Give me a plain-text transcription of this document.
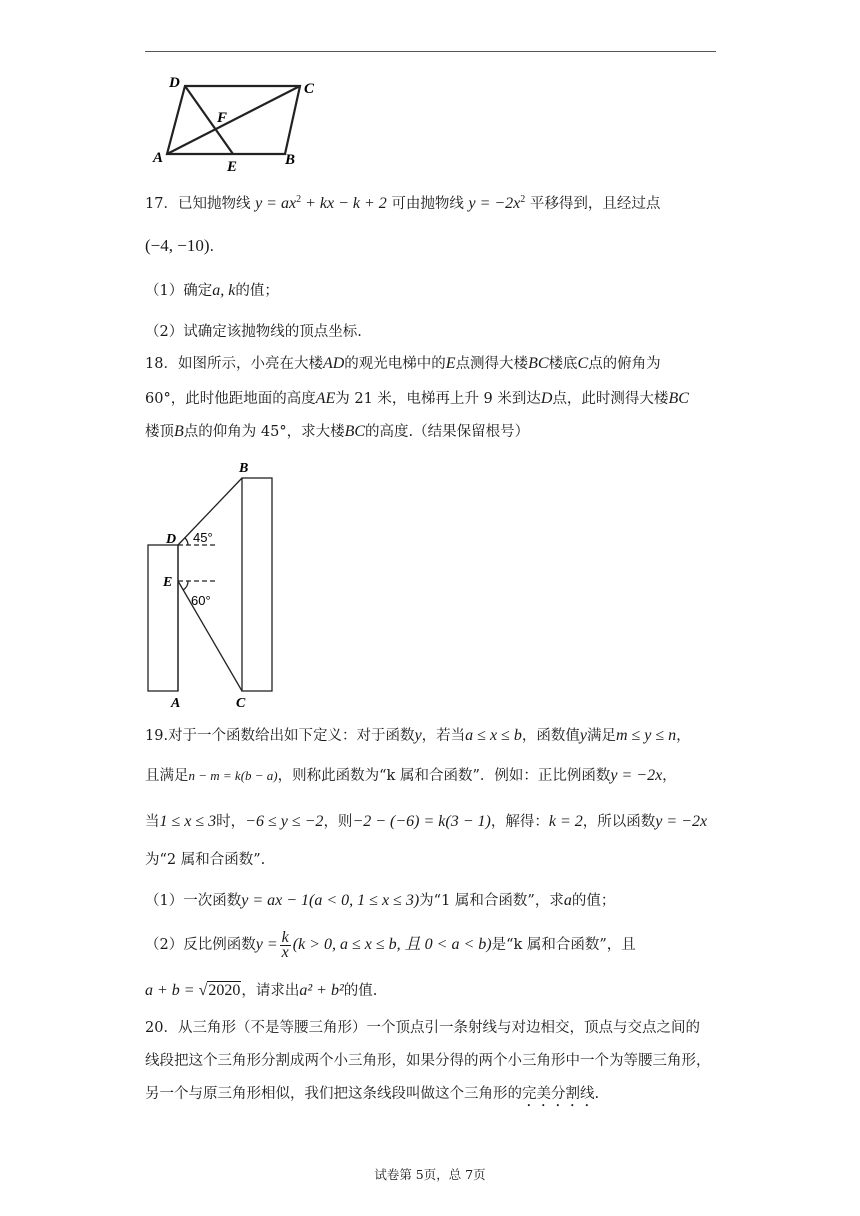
D	C
F
A
E	B
17．已知抛物线 $y = ax^2$ + kx − k + 2 可由抛物线 $y = -2x^2$ 平移得到，且经过点
(−4, −10).
（1）确定a, k的值；
（2）试确定该抛物线的顶点坐标.
18．如图所示，小亮在大楼AD的观光电梯中的E点测得大楼BC楼底C点的俯角为
60°，此时他距地面的高度AE为 21 米，电梯再上升 9 米到达D点，此时测得大楼BC
楼顶B点的仰角为 45°，求大楼BC的高度.（结果保留根号）
B
D 45°
E
60°
A	C
19.对于一个函数给出如下定义：对于函数y，若当a ≤ x ≤ b，函数值y满足m ≤ y ≤ n，
且满足n − m = k(b − a)，则称此函数为“k 属和合函数”．例如：正比例函数y = −2x，
当1 ≤ x ≤ 3时，−6 ≤ y ≤ −2，则−2 − (−6) = k(3 − 1)，解得：k = 2，所以函数y = −2x
为“2 属和合函数”.
（1）一次函数y = ax − 1(a < 0, 1 ≤ x ≤ 3)为“1 属和合函数”，求a的值；
（2）反比例函数$y = \frac{k}{x} (k > 0$, a ≤ x ≤ b, 且 0 < a < b)是“k 属和合函数”，且
a + b = √2020，请求出a² + b²的值.
20．从三角形（不是等腰三角形）一个顶点引一条射线与对边相交，顶点与交点之间的
线段把这个三角形分割成两个小三角形，如果分得的两个小三角形中一个为等腰三角形，
另一个与原三角形相似，我们把这条线段叫做这个三角形的完美分割线.
试卷第 5页，总 7页
